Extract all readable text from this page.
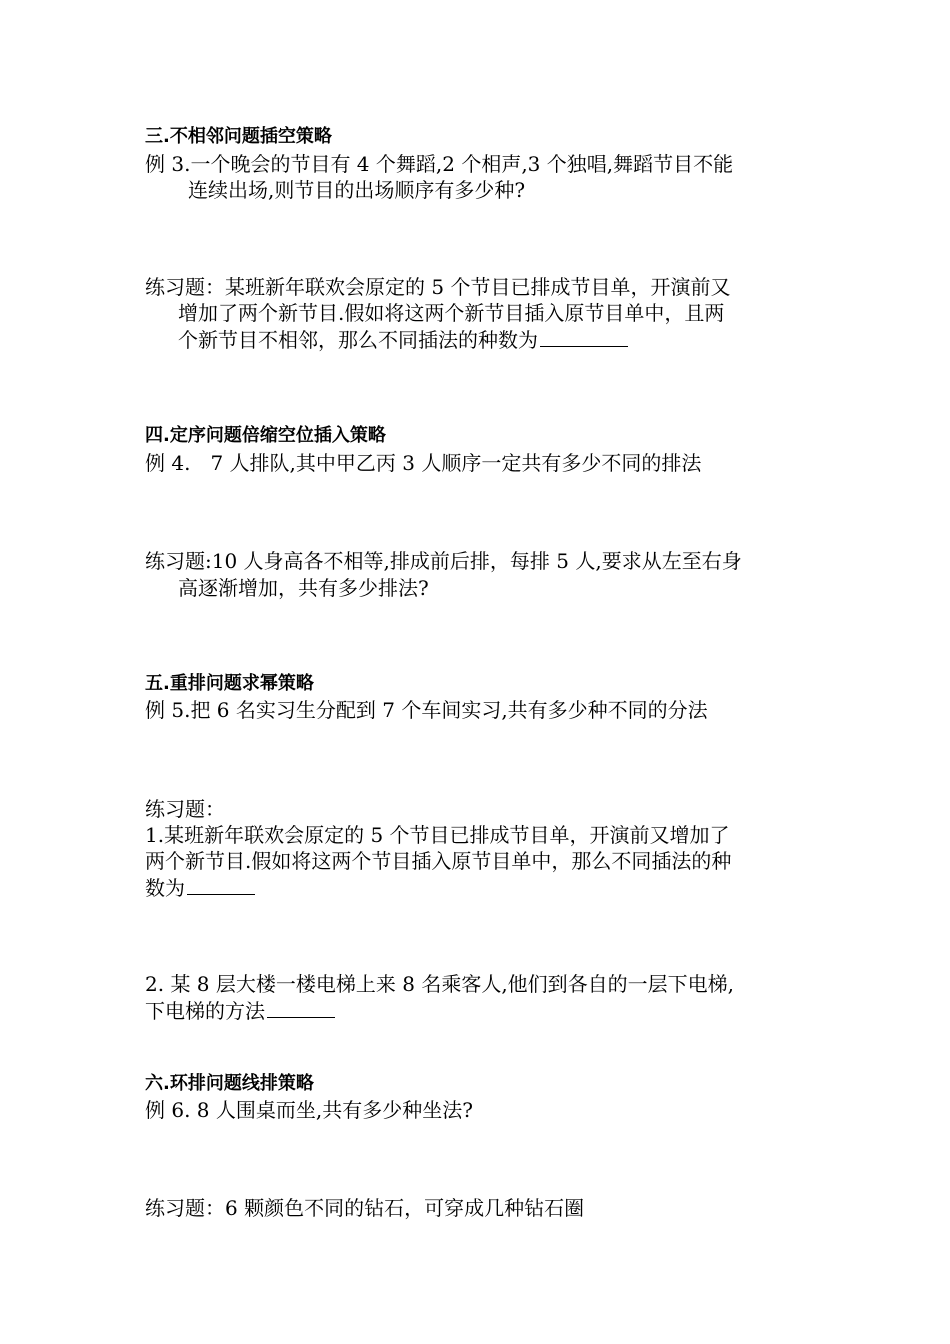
三.不相邻问题插空策略
例 3.一个晚会的节目有 4 个舞蹈,2 个相声,3 个独唱,舞蹈节目不能
连续出场,则节目的出场顺序有多少种?
练习题：某班新年联欢会原定的 5 个节目已排成节目单，开演前又
增加了两个新节目.假如将这两个新节目插入原节目单中，且两
个新节目不相邻，那么不同插法的种数为
四.定序问题倍缩空位插入策略
例 4.　7 人排队,其中甲乙丙 3 人顺序一定共有多少不同的排法
练习题:10 人身高各不相等,排成前后排，每排 5 人,要求从左至右身
高逐渐增加，共有多少排法?
五.重排问题求幂策略
例 5.把 6 名实习生分配到 7 个车间实习,共有多少种不同的分法
练习题：
1.某班新年联欢会原定的 5 个节目已排成节目单，开演前又增加了
两个新节目.假如将这两个节目插入原节目单中，那么不同插法的种
数为
2. 某 8 层大楼一楼电梯上来 8 名乘客人,他们到各自的一层下电梯,
下电梯的方法
六.环排问题线排策略
例 6. 8 人围桌而坐,共有多少种坐法?
练习题：6 颗颜色不同的钻石，可穿成几种钻石圈
